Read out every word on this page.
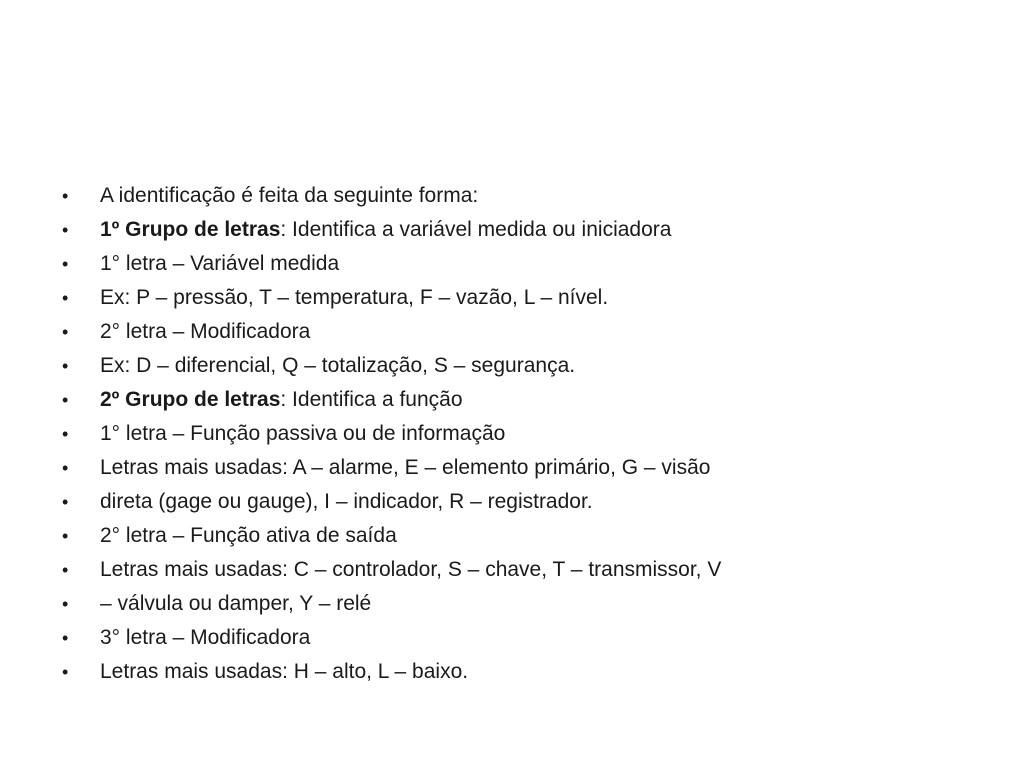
•	A identificação é feita da seguinte forma:
•	1º Grupo de letras: Identifica a variável medida ou iniciadora
•	1° letra – Variável medida
•	Ex: P – pressão, T – temperatura, F – vazão, L – nível.
•	2° letra – Modificadora
•	Ex: D – diferencial, Q – totalização, S – segurança.
•	2º Grupo de letras: Identifica a função
•	1° letra – Função passiva ou de informação
•	Letras mais usadas: A – alarme, E – elemento primário, G – visão
•	direta (gage ou gauge), I – indicador, R – registrador.
•	2° letra – Função ativa de saída
•	Letras mais usadas: C – controlador, S – chave, T – transmissor, V
•	– válvula ou damper, Y – relé
•	3° letra – Modificadora
•	Letras mais usadas: H – alto, L – baixo.
